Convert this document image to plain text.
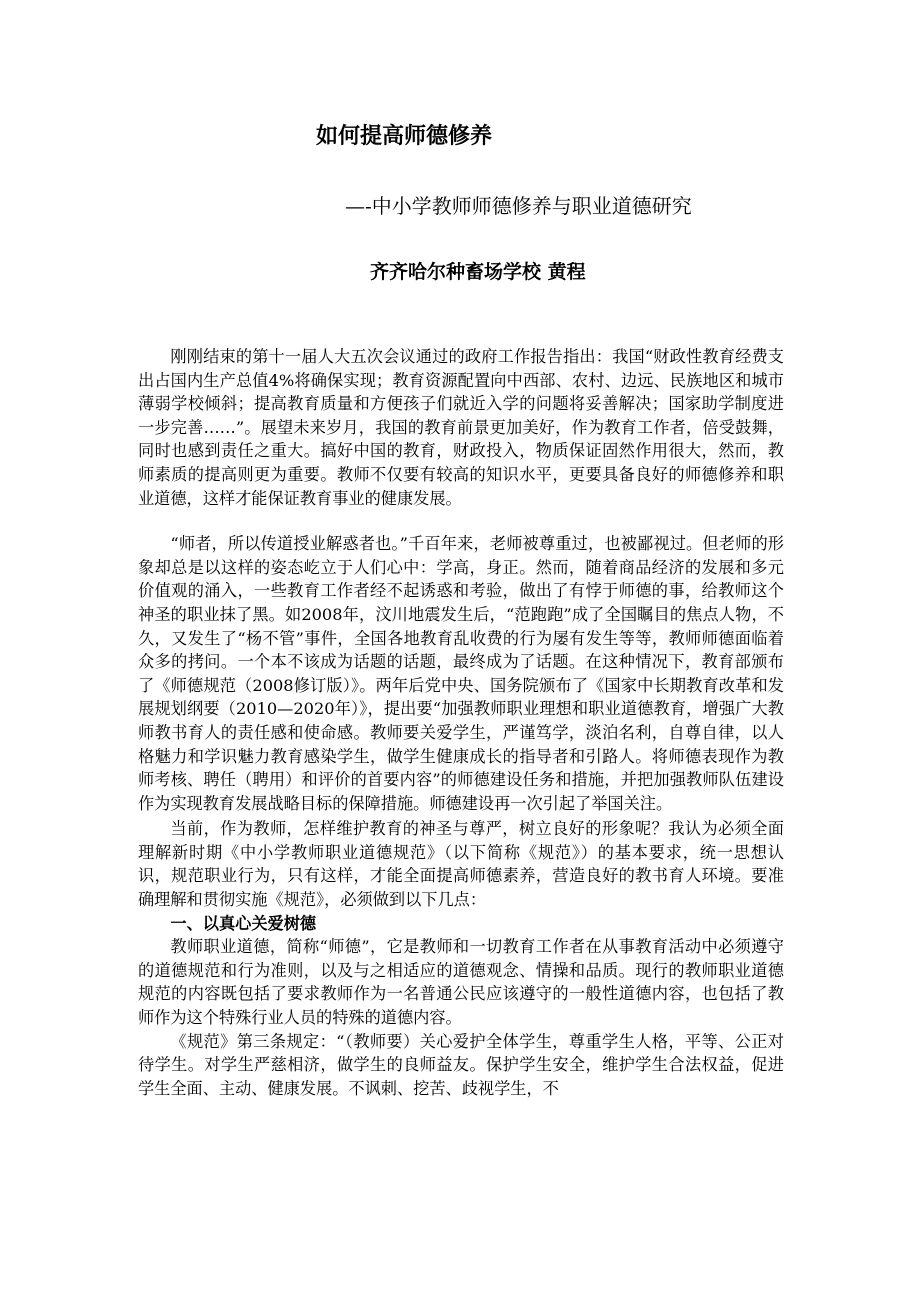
如何提高师德修养
—-中小学教师师德修养与职业道德研究
齐齐哈尔种畜场学校 黄程

刚刚结束的第十一届人大五次会议通过的政府工作报告指出：我国“财政性教育经费支出占国内生产总值4%将确保实现；教育资源配置向中西部、农村、边远、民族地区和城市薄弱学校倾斜；提高教育质量和方便孩子们就近入学的问题将妥善解决；国家助学制度进一步完善……”。展望未来岁月，我国的教育前景更加美好，作为教育工作者，倍受鼓舞，同时也感到责任之重大。搞好中国的教育，财政投入，物质保证固然作用很大，然而，教师素质的提高则更为重要。教师不仅要有较高的知识水平，更要具备良好的师德修养和职业道德，这样才能保证教育事业的健康发展。

“师者，所以传道授业解惑者也。”千百年来，老师被尊重过，也被鄙视过。但老师的形象却总是以这样的姿态屹立于人们心中：学高，身正。然而，随着商品经济的发展和多元价值观的涌入，一些教育工作者经不起诱惑和考验，做出了有悖于师德的事，给教师这个神圣的职业抹了黑。如2008年，汶川地震发生后，“范跑跑”成了全国瞩目的焦点人物，不久，又发生了“杨不管”事件，全国各地教育乱收费的行为屡有发生等等，教师师德面临着众多的拷问。一个本不该成为话题的话题，最终成为了话题。在这种情况下，教育部颁布了《师德规范（2008修订版）》。两年后党中央、国务院颁布了《国家中长期教育改革和发展规划纲要（2010—2020年）》，提出要“加强教师职业理想和职业道德教育，增强广大教师教书育人的责任感和使命感。教师要关爱学生，严谨笃学，淡泊名利，自尊自律，以人格魅力和学识魅力教育感染学生，做学生健康成长的指导者和引路人。将师德表现作为教师考核、聘任（聘用）和评价的首要内容”的师德建设任务和措施，并把加强教师队伍建设作为实现教育发展战略目标的保障措施。师德建设再一次引起了举国关注。

当前，作为教师，怎样维护教育的神圣与尊严，树立良好的形象呢？我认为必须全面理解新时期《中小学教师职业道德规范》（以下简称《规范》）的基本要求，统一思想认识，规范职业行为，只有这样，才能全面提高师德素养，营造良好的教书育人环境。要准确理解和贯彻实施《规范》，必须做到以下几点：

一、以真心关爱树德

教师职业道德，简称“师德”，它是教师和一切教育工作者在从事教育活动中必须遵守的道德规范和行为准则，以及与之相适应的道德观念、情操和品质。现行的教师职业道德规范的内容既包括了要求教师作为一名普通公民应该遵守的一般性道德内容，也包括了教师作为这个特殊行业人员的特殊的道德内容。

《规范》第三条规定：“（教师要）关心爱护全体学生，尊重学生人格，平等、公正对待学生。对学生严慈相济，做学生的良师益友。保护学生安全，维护学生合法权益，促进学生全面、主动、健康发展。不讽刺、挖苦、歧视学生，不
